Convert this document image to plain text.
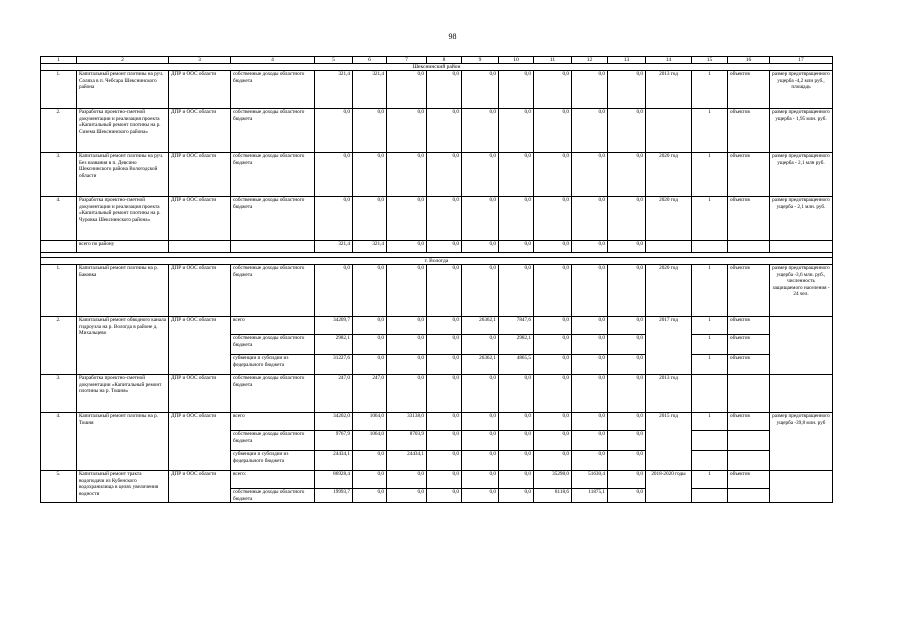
98
1	2	3	4	5	6	7	8	9	10	11	12	13	14	15	16	17
Шекснинский район																
1.	Капитальный ремонт плотины на руч. Соляха в п. Чебсара Шекснинского района	ДПР и ООС области	собственные доходы областного бюджета	321,4	321,4	0,0	0,0	0,0	0,0	0,0	0,0	0,0	2013 год	1	объектов	размер предотвращенного ущерба -4,2 млн руб., площадь
2.	Разработка проектно-сметной документации и реализация проекта «Капитальный ремонт плотины на р. Сизема Шекснинского района»	ДПР и ООС области	собственные доходы областного бюджета	0,0	0,0	0,0	0,0	0,0	0,0	0,0	0,0	0,0		1	объектов	размер предотвращенного ущерба - 1,95 млн. руб.
3.	Капитальный ремонт плотины на руч. Без названия в п. Девсино Шекснинского района Вологодской области	ДПР и ООС области	собственные доходы областного бюджета	0,0	0,0	0,0	0,0	0,0	0,0	0,0	0,0	0,0	2020 год	1	объектов	размер предотвращенного ущерба - 2,1 млн руб.
4.	Разработка проектно-сметной документации и реализация проекта «Капитальный ремонт плотины на р. Чуровка Шекснинского района»	ДПР и ООС области	собственные доходы областного бюджета	0,0	0,0	0,0	0,0	0,0	0,0	0,0	0,0	0,0	2020 год	1	объектов	размер предотвращенного ущерба - 2,1 млн. руб.
	всего по району			321,4	321,4	0,0	0,0	0,0	0,0	0,0	0,0	0,0				

г. Вологда																
1.	Капитальный ремонт плотины на р. Баковка	ДПР и ООС области	собственные доходы областного бюджета	0,0	0,0	0,0	0,0	0,0	0,0	0,0	0,0	0,0	2020 год	1	объектов	размер предотвращенного ущерба -3,6 млн. руб., численность защищаемого населения - 24 чел.
2.	Капитальный ремонт обводного канала гидроузла на р. Вологда в районе д. Михальцево	ДПР и ООС области	всего	34209,7	0,0	0,0	0,0	26362,1	7847,6	0,0	0,0	0,0	2017 год	1	объектов	
			собственные доходы областного бюджета	2982,1	0,0	0,0	0,0	0,0	2982,1	0,0	0,0	0,0		1	объектов	
			субвенции и субсидии из федерального бюджета	31227,6	0,0	0,0	0,0	26362,1	4865,5	0,0	0,0	0,0		1	объектов	
3.	Разработка проектно-сметной документации «Капитальный ремонт плотины на р. Тошня»	ДПР и ООС области	собственные доходы областного бюджета	247,0	247,0	0,0	0,0	0,0	0,0	0,0	0,0	0,0	2013 год			
4.	Капитальный ремонт плотины на р. Тошня	ДПР и ООС области	всего	34202,0	1064,0	33138,0	0,0	0,0	0,0	0,0	0,0	0,0	2015 год	1	объектов	размер предотвращенного ущерба -39,8 млн. руб
			собственные доходы областного бюджета	9767,9	1064,0	8703,9	0,0	0,0	0,0	0,0	0,0	0,0				
			субвенции и субсидии из федерального бюджета	24434,1	0,0	24434,1	0,0	0,0	0,0	0,0	0,0	0,0				
5.	Капитальный ремонт тракта водоподачи из Кубенского водохранилища в целях увеличения водности	ДПР и ООС области	всего:	86928,4	0,0	0,0	0,0	0,0	0,0	35298,0	51630,4	0,0	2018-2020 годы	1	объектов	
			собственные доходы областного бюджета	19993,7	0,0	0,0	0,0	0,0	0,0	8118,6	11875,1	0,0				
